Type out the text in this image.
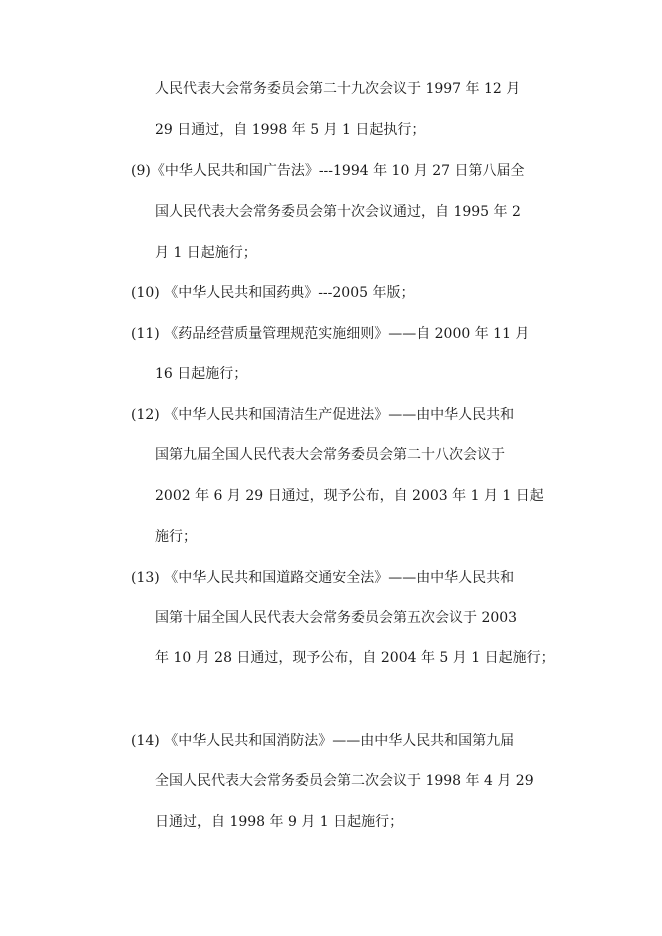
人民代表大会常务委员会第二十九次会议于 1997 年 12 月
29 日通过，自 1998 年 5 月 1 日起执行；
(9)《中华人民共和国广告法》---1994 年 10 月 27 日第八届全
国人民代表大会常务委员会第十次会议通过，自 1995 年 2
月 1 日起施行；
(10) 《中华人民共和国药典》---2005 年版；
(11) 《药品经营质量管理规范实施细则》——自 2000 年 11 月
16 日起施行；
(12) 《中华人民共和国清洁生产促进法》——由中华人民共和
国第九届全国人民代表大会常务委员会第二十八次会议于
2002 年 6 月 29 日通过，现予公布，自 2003 年 1 月 1 日起
施行；
(13) 《中华人民共和国道路交通安全法》——由中华人民共和
国第十届全国人民代表大会常务委员会第五次会议于 2003
年 10 月 28 日通过，现予公布，自 2004 年 5 月 1 日起施行；
(14) 《中华人民共和国消防法》——由中华人民共和国第九届
全国人民代表大会常务委员会第二次会议于 1998 年 4 月 29
日通过，自 1998 年 9 月 1 日起施行；
